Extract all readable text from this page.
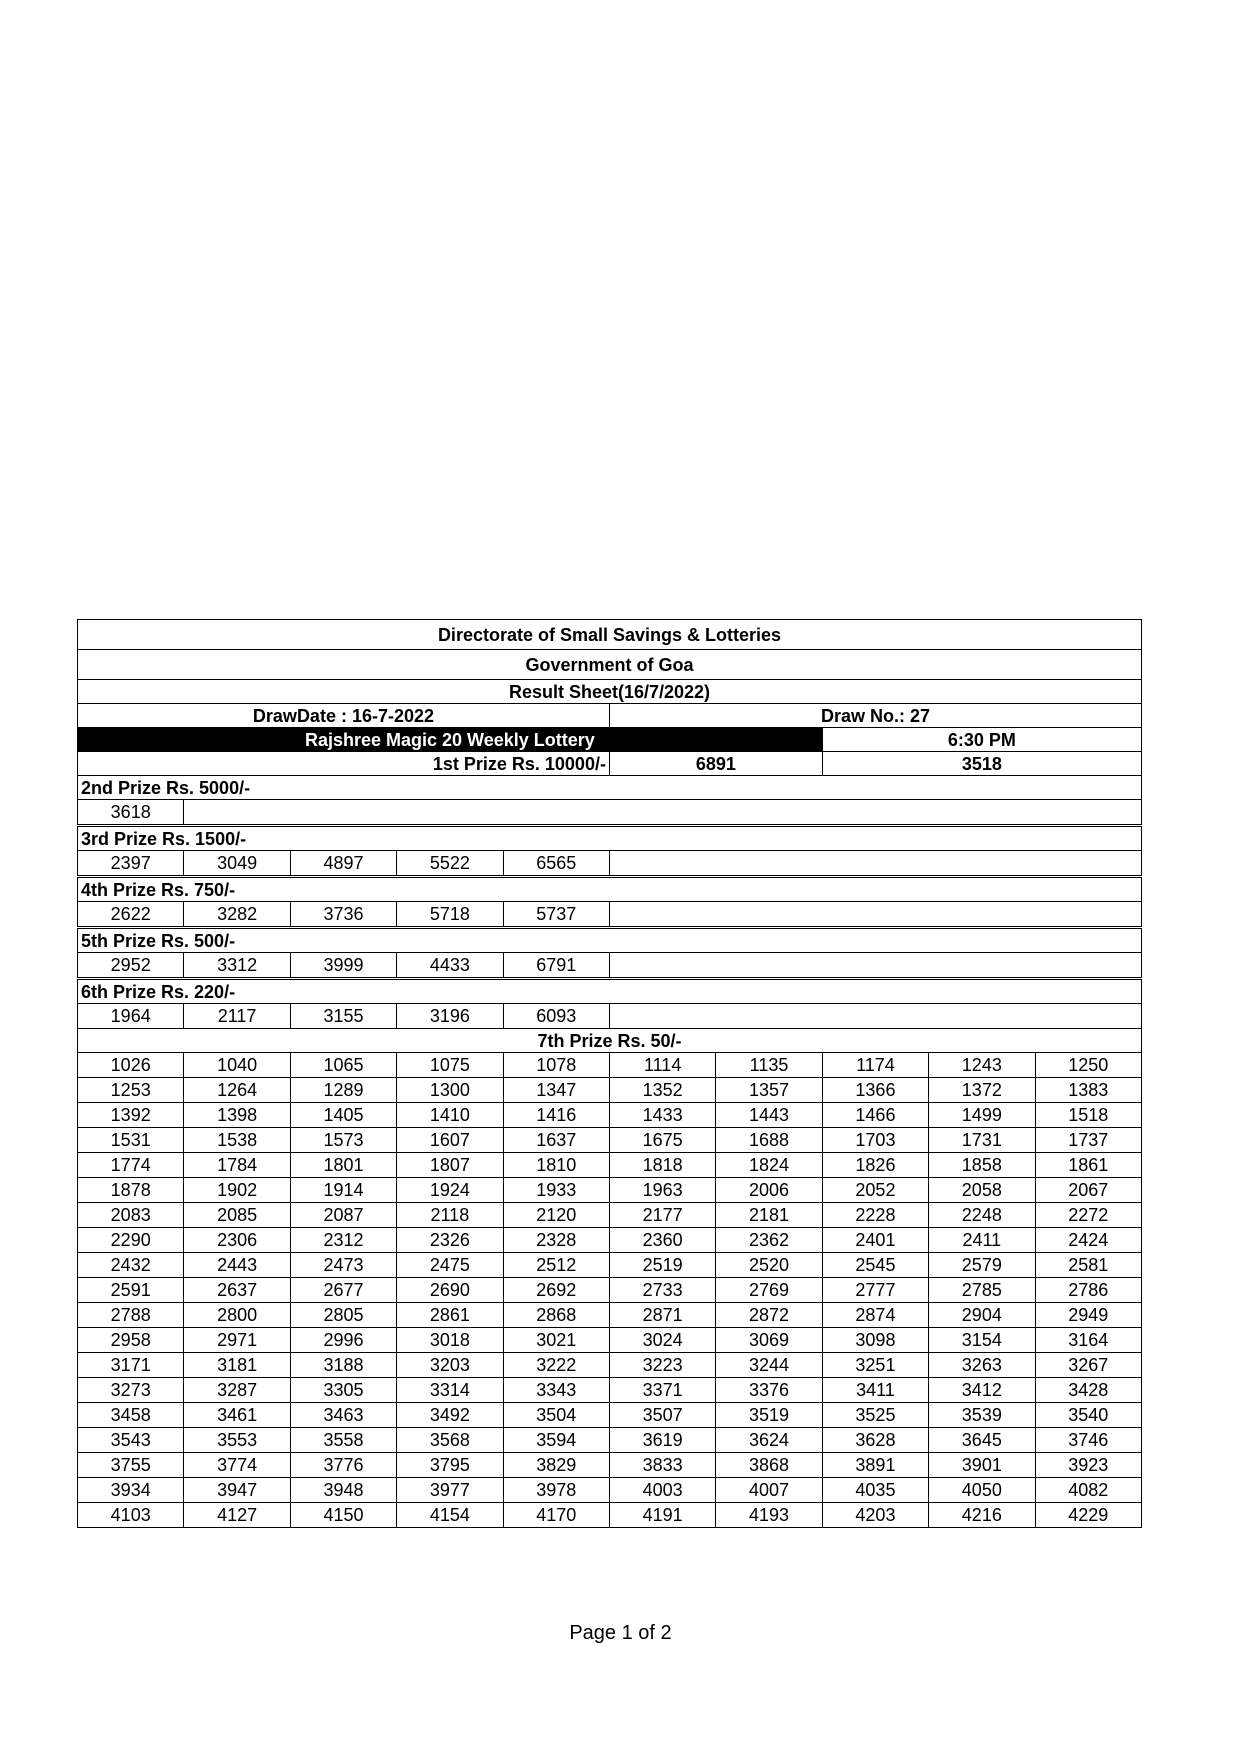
Directorate of Small Savings & Lotteries									
Government of Goa									
Result Sheet(16/7/2022)									
DrawDate : 16-7-2022					Draw No.: 27				
Rajshree Magic 20 Weekly Lottery							6:30 PM		
1st Prize Rs. 10000/-					6891		3518		
2nd Prize Rs. 5000/-									
3618									

3rd Prize Rs. 1500/-									
2397	3049	4897	5522	6565					

4th Prize Rs. 750/-									
2622	3282	3736	5718	5737					

5th Prize Rs. 500/-									
2952	3312	3999	4433	6791					

6th Prize Rs. 220/-									
1964	2117	3155	3196	6093					
7th Prize Rs. 50/-									
1026	1040	1065	1075	1078	1114	1135	1174	1243	1250
1253	1264	1289	1300	1347	1352	1357	1366	1372	1383
1392	1398	1405	1410	1416	1433	1443	1466	1499	1518
1531	1538	1573	1607	1637	1675	1688	1703	1731	1737
1774	1784	1801	1807	1810	1818	1824	1826	1858	1861
1878	1902	1914	1924	1933	1963	2006	2052	2058	2067
2083	2085	2087	2118	2120	2177	2181	2228	2248	2272
2290	2306	2312	2326	2328	2360	2362	2401	2411	2424
2432	2443	2473	2475	2512	2519	2520	2545	2579	2581
2591	2637	2677	2690	2692	2733	2769	2777	2785	2786
2788	2800	2805	2861	2868	2871	2872	2874	2904	2949
2958	2971	2996	3018	3021	3024	3069	3098	3154	3164
3171	3181	3188	3203	3222	3223	3244	3251	3263	3267
3273	3287	3305	3314	3343	3371	3376	3411	3412	3428
3458	3461	3463	3492	3504	3507	3519	3525	3539	3540
3543	3553	3558	3568	3594	3619	3624	3628	3645	3746
3755	3774	3776	3795	3829	3833	3868	3891	3901	3923
3934	3947	3948	3977	3978	4003	4007	4035	4050	4082
4103	4127	4150	4154	4170	4191	4193	4203	4216	4229
Page 1 of 2
